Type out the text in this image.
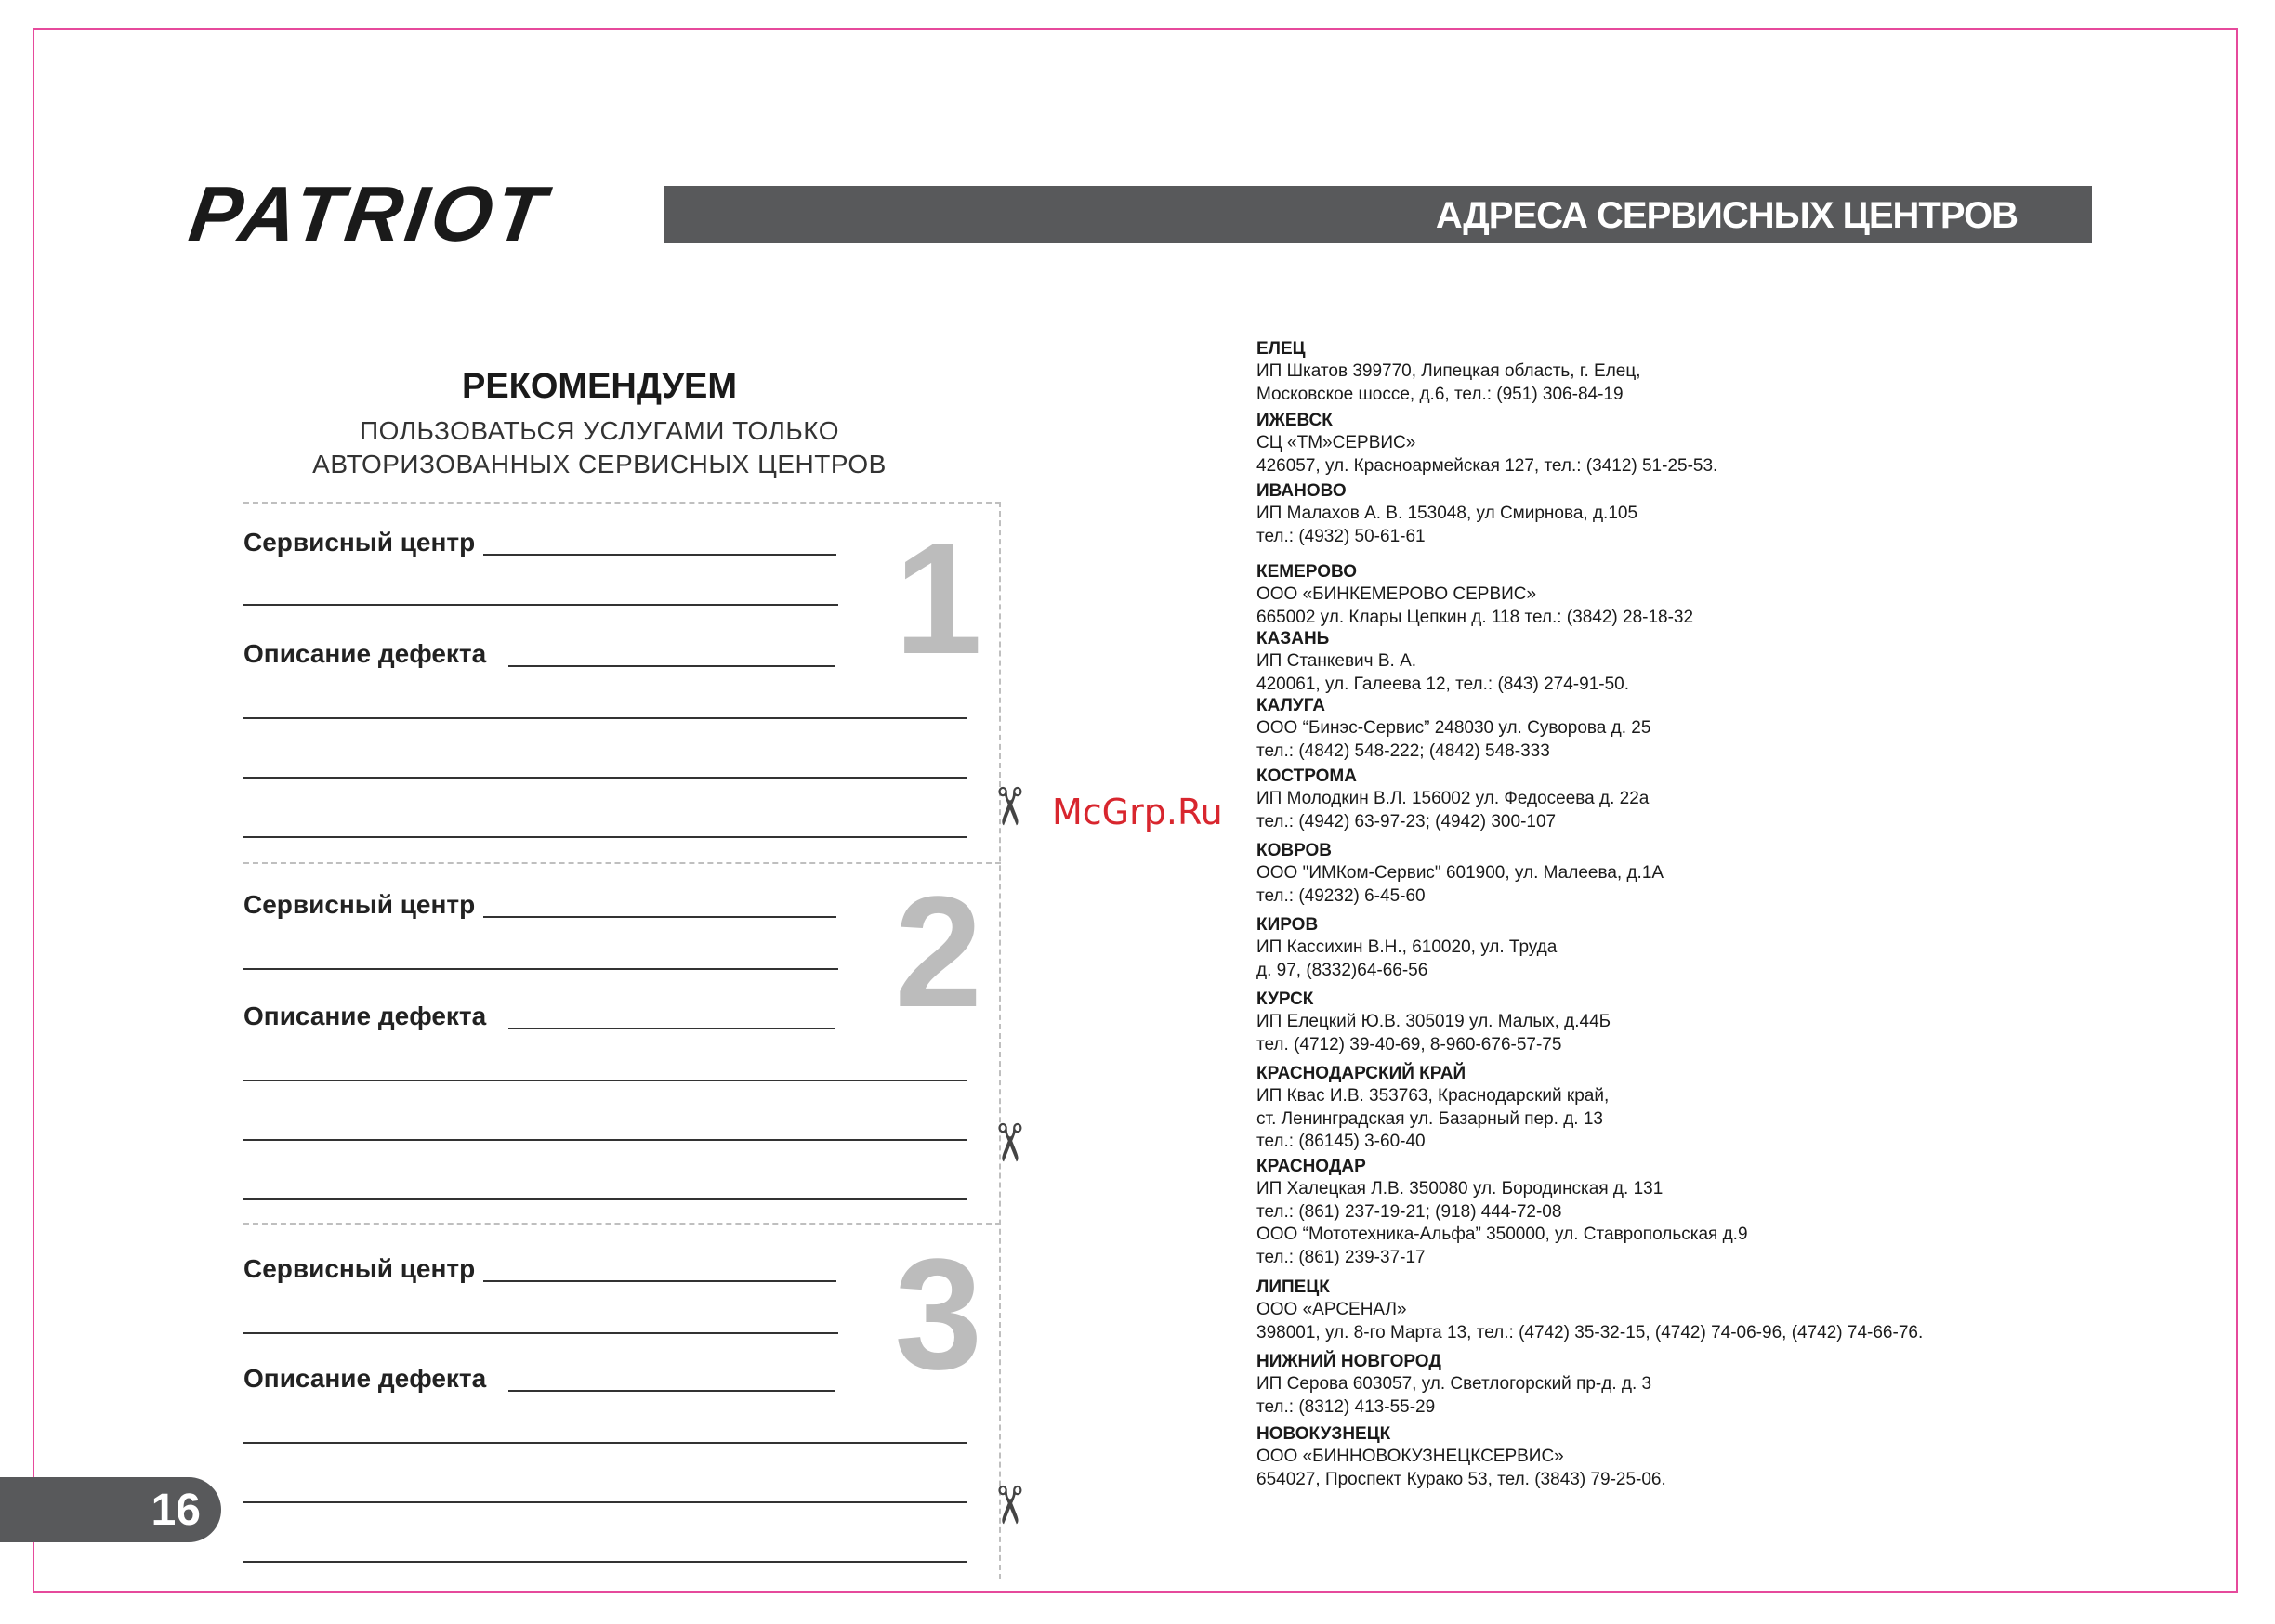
PATRIOT	АДРЕСА СЕРВИСНЫХ ЦЕНТРОВ
РЕКОМЕНДУЕМ
ПОЛЬЗОВАТЬСЯ УСЛУГАМИ ТОЛЬКО
АВТОРИЗОВАННЫХ СЕРВИСНЫХ ЦЕНТРОВ
1
Сервисный центр
Описание дефекта
2
Сервисный центр
Описание дефекта
3
Сервисный центр
Описание дефекта
✂
✂
✂
McGrp.Ru
16
ЕЛЕЦ
ИП Шкатов 399770, Липецкая область, г. Елец,
Московское шоссе, д.6, тел.: (951) 306-84-19
ИЖЕВСК
СЦ «ТМ»СЕРВИС»
426057, ул. Красноармейская 127, тел.: (3412) 51-25-53.
ИВАНОВО
ИП Малахов А. В. 153048, ул Смирнова, д.105
тел.: (4932) 50-61-61
КЕМЕРОВО
ООО «БИНКЕМЕРОВО СЕРВИС»
665002 ул. Клары Цепкин д. 118 тел.: (3842) 28-18-32
КАЗАНЬ
ИП Станкевич В. А.
420061, ул. Галеева 12, тел.: (843) 274-91-50.
КАЛУГА
ООО “Бинэс-Сервис” 248030 ул. Суворова д. 25
тел.: (4842) 548-222; (4842) 548-333
КОСТРОМА
ИП Молодкин В.Л. 156002 ул. Федосеева д. 22а
тел.: (4942) 63-97-23; (4942) 300-107
КОВРОВ
ООО "ИМКом-Сервис" 601900, ул. Малеева, д.1А
тел.: (49232) 6-45-60
КИРОВ
ИП Кассихин В.Н., 610020, ул. Труда
д. 97, (8332)64-66-56
КУРСК
ИП Елецкий Ю.В. 305019 ул. Малых, д.44Б
тел. (4712) 39-40-69, 8-960-676-57-75
КРАСНОДАРСКИЙ КРАЙ
ИП Квас И.В. 353763, Краснодарский край,
ст. Ленинградская ул. Базарный пер. д. 13
тел.: (86145) 3-60-40
КРАСНОДАР
ИП Халецкая Л.В. 350080 ул. Бородинская д. 131
тел.: (861) 237-19-21; (918) 444-72-08
ООО “Мототехника-Альфа” 350000, ул. Ставропольская д.9
тел.: (861) 239-37-17
ЛИПЕЦК
ООО «АРСЕНАЛ»
398001, ул. 8-го Марта 13, тел.: (4742) 35-32-15, (4742) 74-06-96, (4742) 74-66-76.
НИЖНИЙ НОВГОРОД
ИП Серова 603057, ул. Светлогорский пр-д. д. 3
тел.: (8312) 413-55-29
НОВОКУЗНЕЦК
ООО «БИННОВОКУЗНЕЦКСЕРВИС»
654027, Проспект Курако 53, тел. (3843) 79-25-06.
